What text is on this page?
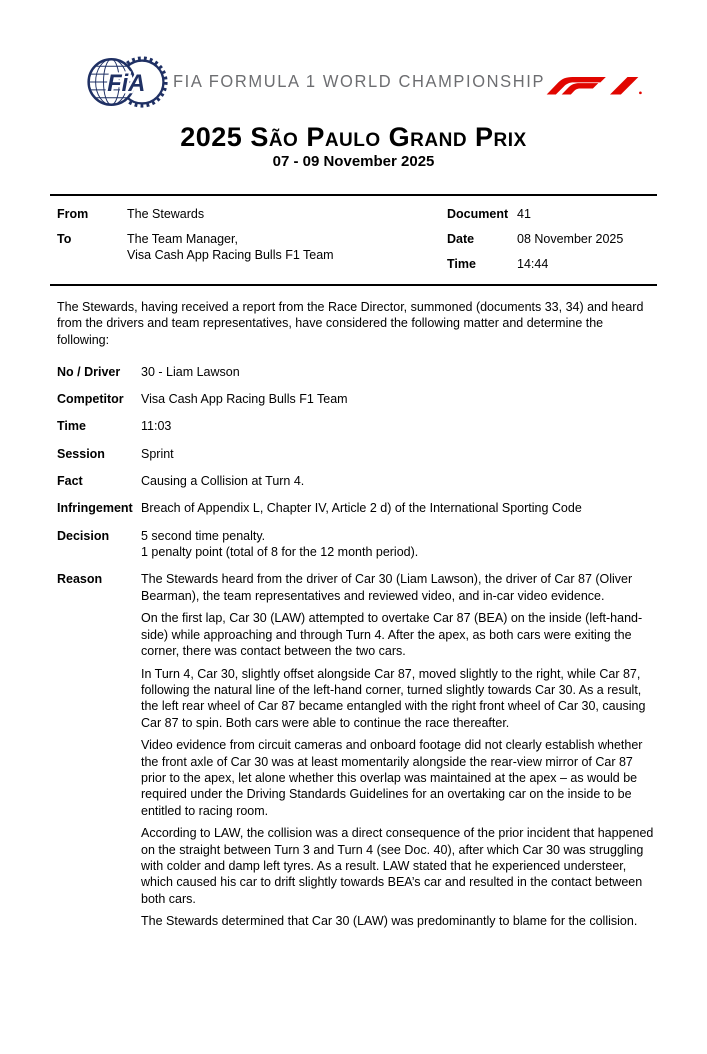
FiA FIA FORMULA 1 WORLD CHAMPIONSHIP
2025 São Paulo Grand Prix
07 - 09 November 2025
From	The Stewards
To	The Team Manager,
Visa Cash App Racing Bulls F1 Team
Document 41
Date	08 November 2025
Time	14:44

The Stewards, having received a report from the Race Director, summoned (documents 33, 34) and heard from the drivers and team representatives, have considered the following matter and determine the following:

No / Driver	30 - Liam Lawson
Competitor	Visa Cash App Racing Bulls F1 Team
Time	11:03
Session	Sprint
Fact	Causing a Collision at Turn 4.
Infringement Breach of Appendix L, Chapter IV, Article 2 d) of the International Sporting Code
Decision	5 second time penalty.
1 penalty point (total of 8 for the 12 month period).
Reason	The Stewards heard from the driver of Car 30 (Liam Lawson), the driver of Car 87 (Oliver Bearman), the team representatives and reviewed video, and in-car video evidence.

On the first lap, Car 30 (LAW) attempted to overtake Car 87 (BEA) on the inside (left-hand-side) while approaching and through Turn 4. After the apex, as both cars were exiting the corner, there was contact between the two cars.

In Turn 4, Car 30, slightly offset alongside Car 87, moved slightly to the right, while Car 87, following the natural line of the left-hand corner, turned slightly towards Car 30. As a result, the left rear wheel of Car 87 became entangled with the right front wheel of Car 30, causing Car 87 to spin. Both cars were able to continue the race thereafter.

Video evidence from circuit cameras and onboard footage did not clearly establish whether the front axle of Car 30 was at least momentarily alongside the rear-view mirror of Car 87 prior to the apex, let alone whether this overlap was maintained at the apex – as would be required under the Driving Standards Guidelines for an overtaking car on the inside to be entitled to racing room.

According to LAW, the collision was a direct consequence of the prior incident that happened on the straight between Turn 3 and Turn 4 (see Doc. 40), after which Car 30 was struggling with colder and damp left tyres. As a result. LAW stated that he experienced understeer, which caused his car to drift slightly towards BEA’s car and resulted in the contact between both cars.

The Stewards determined that Car 30 (LAW) was predominantly to blame for the collision.
